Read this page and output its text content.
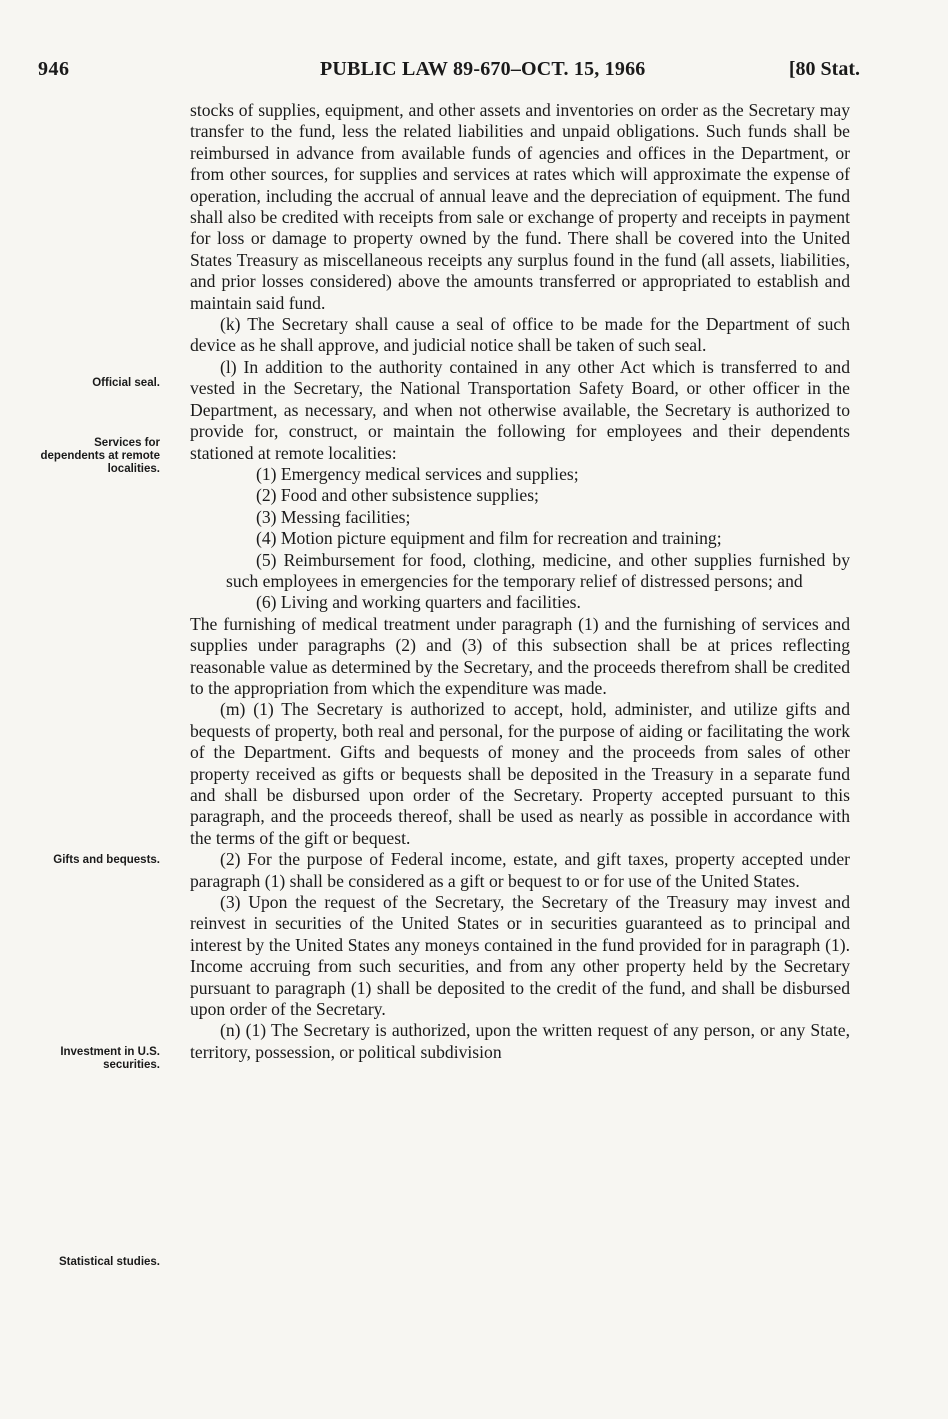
946	PUBLIC LAW 89-670–OCT. 15, 1966	[80 Stat.
Official seal.
Services for dependents at remote localities.
Gifts and bequests.
Investment in U.S. securities.
Statistical studies.

stocks of supplies, equipment, and other assets and inventories on order as the Secretary may transfer to the fund, less the related liabilities and unpaid obligations. Such funds shall be reimbursed in advance from available funds of agencies and offices in the Department, or from other sources, for supplies and services at rates which will approximate the expense of operation, including the accrual of annual leave and the depreciation of equipment. The fund shall also be credited with receipts from sale or exchange of property and receipts in payment for loss or damage to property owned by the fund. There shall be covered into the United States Treasury as miscellaneous receipts any surplus found in the fund (all assets, liabilities, and prior losses considered) above the amounts transferred or appropriated to establish and maintain said fund.

(k) The Secretary shall cause a seal of office to be made for the Department of such device as he shall approve, and judicial notice shall be taken of such seal.

(l) In addition to the authority contained in any other Act which is transferred to and vested in the Secretary, the National Transportation Safety Board, or other officer in the Department, as necessary, and when not otherwise available, the Secretary is authorized to provide for, construct, or maintain the following for employees and their dependents stationed at remote localities:

(1) Emergency medical services and supplies;

(2) Food and other subsistence supplies;

(3) Messing facilities;

(4) Motion picture equipment and film for recreation and training;

(5) Reimbursement for food, clothing, medicine, and other supplies furnished by such employees in emergencies for the temporary relief of distressed persons; and

(6) Living and working quarters and facilities.

The furnishing of medical treatment under paragraph (1) and the furnishing of services and supplies under paragraphs (2) and (3) of this subsection shall be at prices reflecting reasonable value as determined by the Secretary, and the proceeds therefrom shall be credited to the appropriation from which the expenditure was made.

(m) (1) The Secretary is authorized to accept, hold, administer, and utilize gifts and bequests of property, both real and personal, for the purpose of aiding or facilitating the work of the Department. Gifts and bequests of money and the proceeds from sales of other property received as gifts or bequests shall be deposited in the Treasury in a separate fund and shall be disbursed upon order of the Secretary. Property accepted pursuant to this paragraph, and the proceeds thereof, shall be used as nearly as possible in accordance with the terms of the gift or bequest.

(2) For the purpose of Federal income, estate, and gift taxes, property accepted under paragraph (1) shall be considered as a gift or bequest to or for use of the United States.

(3) Upon the request of the Secretary, the Secretary of the Treasury may invest and reinvest in securities of the United States or in securities guaranteed as to principal and interest by the United States any moneys contained in the fund provided for in paragraph (1). Income accruing from such securities, and from any other property held by the Secretary pursuant to paragraph (1) shall be deposited to the credit of the fund, and shall be disbursed upon order of the Secretary.

(n) (1) The Secretary is authorized, upon the written request of any person, or any State, territory, possession, or political subdivision
